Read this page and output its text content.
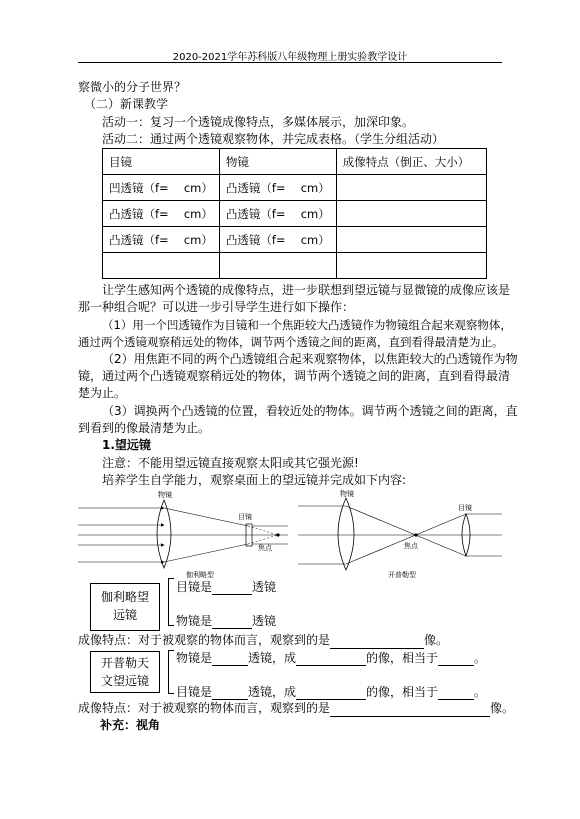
2020-2021学年苏科版八年级物理上册实验教学设计
察微小的分子世界？
（二）新课教学
活动一：复习一个透镜成像特点，多媒体展示，加深印象。
活动二：通过两个透镜观察物体，并完成表格。（学生分组活动）
目镜	物镜	成像特点（倒正、大小）
凹透镜（f=　 cm）	凸透镜（f=　 cm）	
凸透镜（f=　 cm）	凸透镜（f=　 cm）	
凸透镜（f=　 cm）	凸透镜（f=　 cm）	

让学生感知两个透镜的成像特点，进一步联想到望远镜与显微镜的成像应该是
那一种组合呢？可以进一步引导学生进行如下操作：
（1）用一个凹透镜作为目镜和一个焦距较大凸透镜作为物镜组合起来观察物体，
通过两个透镜观察稍远处的物体，调节两个透镜之间的距离，直到看得最清楚为止。
（2）用焦距不同的两个凸透镜组合起来观察物体，以焦距较大的凸透镜作为物
镜，通过两个凸透镜观察稍远处的物体，调节两个透镜之间的距离，直到看得最清
楚为止。
（3）调换两个凸透镜的位置，看较近处的物体。调节两个透镜之间的距离，直
到看到的像最清楚为止。
1.望远镜
注意：不能用望远镜直接观察太阳或其它强光源!
培养学生自学能力，观察桌面上的望远镜并完成如下内容:
物镜
目镜
焦点
伽利略型
物镜
目镜
焦点
开普勒型
伽利略望
远镜
目镜是	透镜
物镜是	透镜
成像特点：对于被观察的物体而言，观察到的是	像。
开普勒天
文望远镜
物镜是	透镜，成	的像，相当于	。
目镜是	透镜，成	的像，相当于	。
成像特点：对于被观察的物体而言，观察到的是	像。
补充：视角
